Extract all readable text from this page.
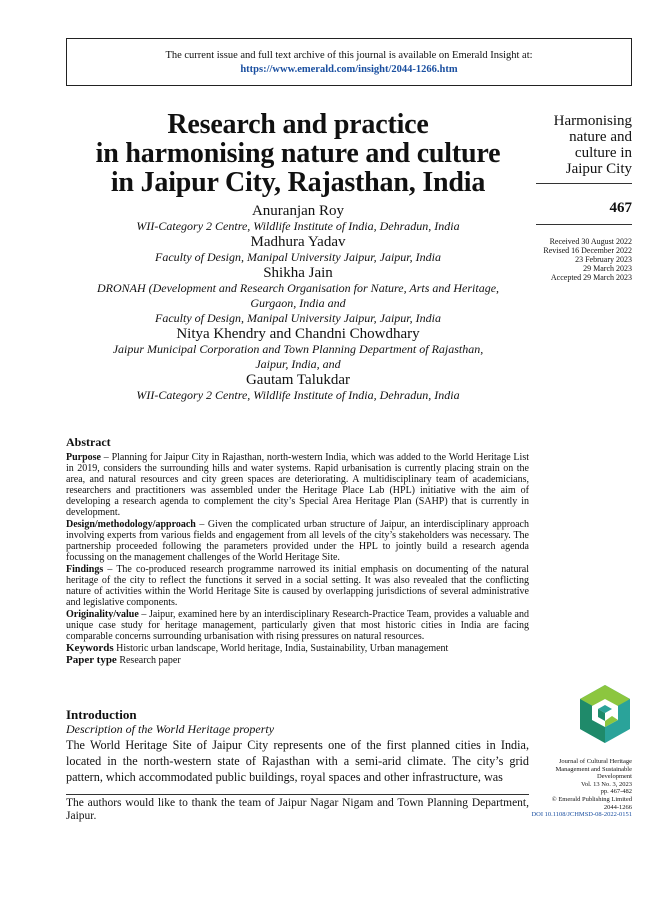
The current issue and full text archive of this journal is available on Emerald Insight at:
https://www.emerald.com/insight/2044-1266.htm
Research and practice
in harmonising nature and culture
in Jaipur City, Rajasthan, India
Anuranjan Roy
WII-Category 2 Centre, Wildlife Institute of India, Dehradun, India
Madhura Yadav
Faculty of Design, Manipal University Jaipur, Jaipur, India
Shikha Jain
DRONAH (Development and Research Organisation for Nature, Arts and Heritage,
Gurgaon, India and
Faculty of Design, Manipal University Jaipur, Jaipur, India
Nitya Khendry and Chandni Chowdhary
Jaipur Municipal Corporation and Town Planning Department of Rajasthan,
Jaipur, India, and
Gautam Talukdar
WII-Category 2 Centre, Wildlife Institute of India, Dehradun, India
Harmonising
nature and
culture in
Jaipur City
467
Received 30 August 2022
Revised 16 December 2022
23 February 2023
29 March 2023
Accepted 29 March 2023
Abstract

Purpose – Planning for Jaipur City in Rajasthan, north-western India, which was added to the World Heritage List in 2019, considers the surrounding hills and water systems. Rapid urbanisation is currently placing strain on the area, and natural resources and city green spaces are deteriorating. A multidisciplinary team of academicians, researchers and practitioners was assembled under the Heritage Place Lab (HPL) initiative with the aim of developing a research agenda to complement the city’s Special Area Heritage Plan (SAHP) that is currently in development.

Design/methodology/approach – Given the complicated urban structure of Jaipur, an interdisciplinary approach involving experts from various fields and engagement from all levels of the city’s stakeholders was necessary. The partnership proceeded following the parameters provided under the HPL to jointly build a research agenda focussing on the management challenges of the World Heritage Site.

Findings – The co-produced research programme narrowed its initial emphasis on documenting of the natural heritage of the city to reflect the functions it served in a social setting. It was also revealed that the conflicting nature of activities within the World Heritage Site is caused by overlapping jurisdictions of several administrative and legislative components.

Originality/value – Jaipur, examined here by an interdisciplinary Research-Practice Team, provides a valuable and unique case study for heritage management, particularly given that most historic cities in India are facing comparable concerns surrounding urbanisation with rising pressures on natural resources.

Keywords Historic urban landscape, World heritage, India, Sustainability, Urban management

Paper type Research paper

Introduction
Description of the World Heritage property

The World Heritage Site of Jaipur City represents one of the first planned cities in India, located in the north-western state of Rajasthan with a semi-arid climate. The city’s grid pattern, which accommodated public buildings, royal spaces and other infrastructure, was

The authors would like to thank the team of Jaipur Nagar Nigam and Town Planning Department, Jaipur.
Journal of Cultural Heritage
Management and Sustainable
Development
Vol. 13 No. 3, 2023
pp. 467-482
© Emerald Publishing Limited
2044-1266
DOI 10.1108/JCHMSD-08-2022-0151
